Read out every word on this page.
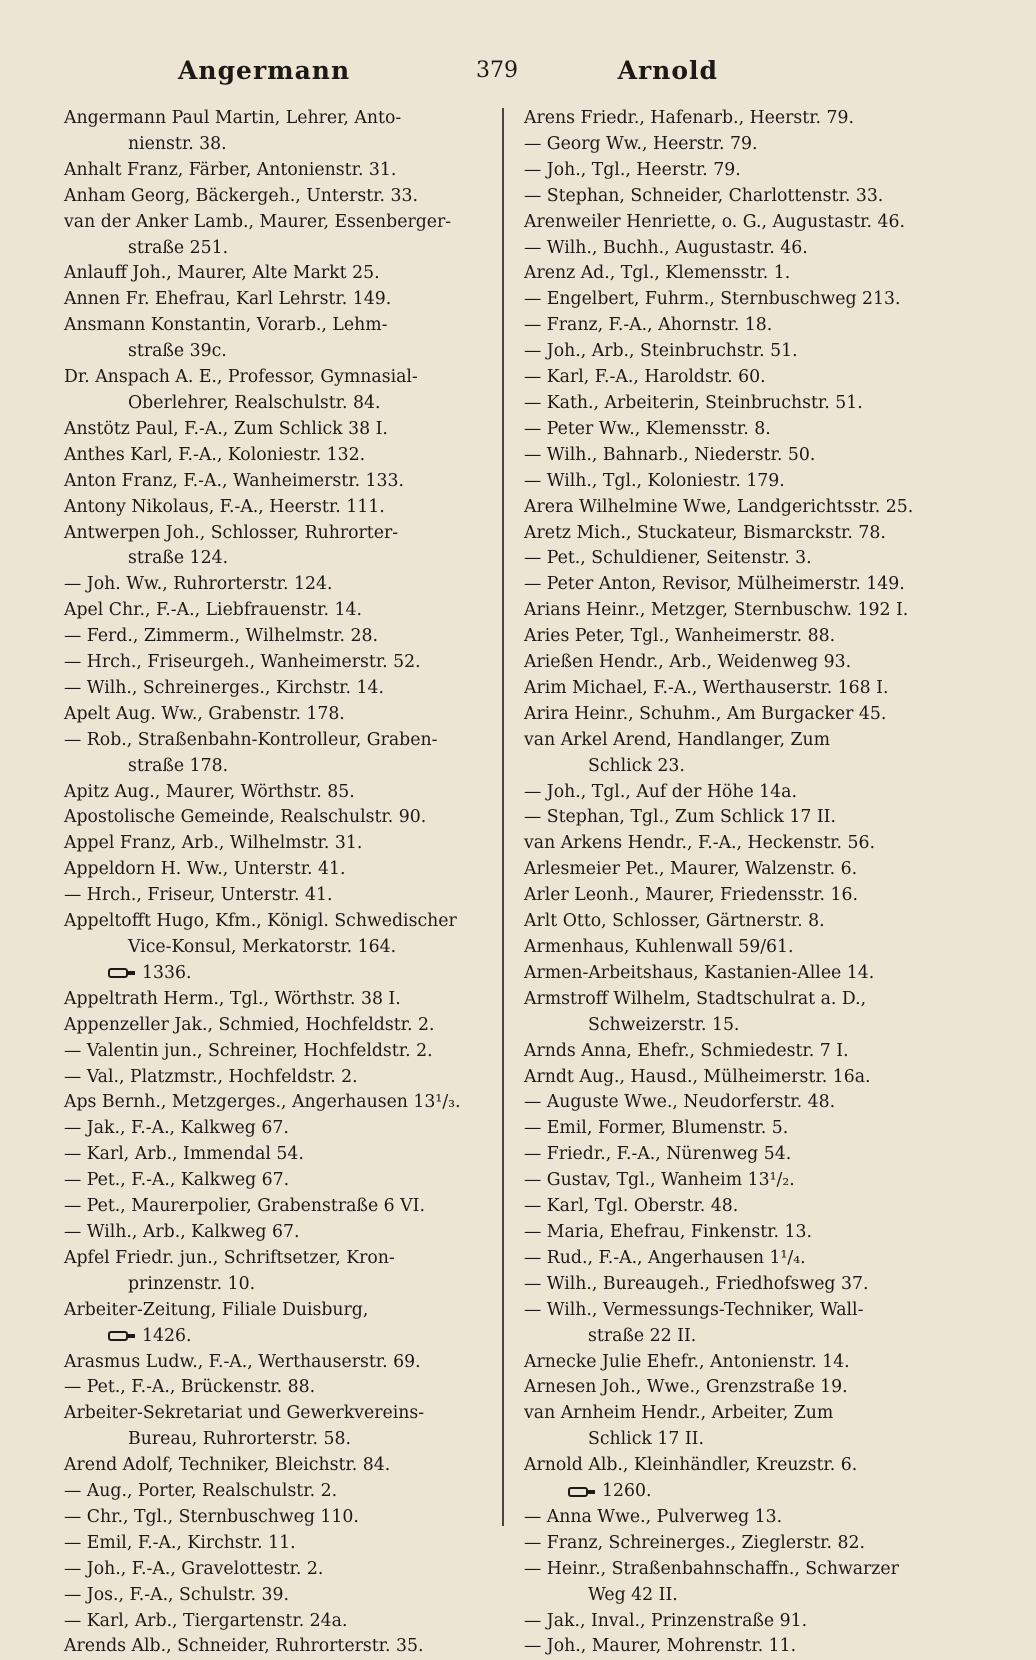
Angermann	379	Arnold
Angermann Paul Martin, Lehrer, Anto-
nienstr. 38.
Anhalt Franz, Färber, Antonienstr. 31.
Anham Georg, Bäckergeh., Unterstr. 33.
van der Anker Lamb., Maurer, Essenberger-
straße 251.
Anlauff Joh., Maurer, Alte Markt 25.
Annen Fr. Ehefrau, Karl Lehrstr. 149.
Ansmann Konstantin, Vorarb., Lehm-
straße 39c.
Dr. Anspach A. E., Professor, Gymnasial-
Oberlehrer, Realschulstr. 84.
Anstötz Paul, F.-A., Zum Schlick 38 I.
Anthes Karl, F.-A., Koloniestr. 132.
Anton Franz, F.-A., Wanheimerstr. 133.
Antony Nikolaus, F.-A., Heerstr. 111.
Antwerpen Joh., Schlosser, Ruhrorter-
straße 124.
— Joh. Ww., Ruhrorterstr. 124.
Apel Chr., F.-A., Liebfrauenstr. 14.
— Ferd., Zimmerm., Wilhelmstr. 28.
— Hrch., Friseurgeh., Wanheimerstr. 52.
— Wilh., Schreinerges., Kirchstr. 14.
Apelt Aug. Ww., Grabenstr. 178.
— Rob., Straßenbahn-Kontrolleur, Graben-
straße 178.
Apitz Aug., Maurer, Wörthstr. 85.
Apostolische Gemeinde, Realschulstr. 90.
Appel Franz, Arb., Wilhelmstr. 31.
Appeldorn H. Ww., Unterstr. 41.
— Hrch., Friseur, Unterstr. 41.
Appeltofft Hugo, Kfm., Königl. Schwedischer
Vice-Konsul, Merkatorstr. 164.
1336.
Appeltrath Herm., Tgl., Wörthstr. 38 I.
Appenzeller Jak., Schmied, Hochfeldstr. 2.
— Valentin jun., Schreiner, Hochfeldstr. 2.
— Val., Platzmstr., Hochfeldstr. 2.
Aps Bernh., Metzgerges., Angerhausen 13¹/₃.
— Jak., F.-A., Kalkweg 67.
— Karl, Arb., Immendal 54.
— Pet., F.-A., Kalkweg 67.
— Pet., Maurerpolier, Grabenstraße 6 VI.
— Wilh., Arb., Kalkweg 67.
Apfel Friedr. jun., Schriftsetzer, Kron-
prinzenstr. 10.
Arbeiter-Zeitung, Filiale Duisburg,
1426.
Arasmus Ludw., F.-A., Werthauserstr. 69.
— Pet., F.-A., Brückenstr. 88.
Arbeiter-Sekretariat und Gewerkvereins-
Bureau, Ruhrorterstr. 58.
Arend Adolf, Techniker, Bleichstr. 84.
— Aug., Porter, Realschulstr. 2.
— Chr., Tgl., Sternbuschweg 110.
— Emil, F.-A., Kirchstr. 11.
— Joh., F.-A., Gravelottestr. 2.
— Jos., F.-A., Schulstr. 39.
— Karl, Arb., Tiergartenstr. 24a.
Arends Alb., Schneider, Ruhrorterstr. 35.
Arens Friedr., Hafenarb., Heerstr. 79.
— Georg Ww., Heerstr. 79.
— Joh., Tgl., Heerstr. 79.
— Stephan, Schneider, Charlottenstr. 33.
Arenweiler Henriette, o. G., Augustastr. 46.
— Wilh., Buchh., Augustastr. 46.
Arenz Ad., Tgl., Klemensstr. 1.
— Engelbert, Fuhrm., Sternbuschweg 213.
— Franz, F.-A., Ahornstr. 18.
— Joh., Arb., Steinbruchstr. 51.
— Karl, F.-A., Haroldstr. 60.
— Kath., Arbeiterin, Steinbruchstr. 51.
— Peter Ww., Klemensstr. 8.
— Wilh., Bahnarb., Niederstr. 50.
— Wilh., Tgl., Koloniestr. 179.
Arera Wilhelmine Wwe, Landgerichtsstr. 25.
Aretz Mich., Stuckateur, Bismarckstr. 78.
— Pet., Schuldiener, Seitenstr. 3.
— Peter Anton, Revisor, Mülheimerstr. 149.
Arians Heinr., Metzger, Sternbuschw. 192 I.
Aries Peter, Tgl., Wanheimerstr. 88.
Arießen Hendr., Arb., Weidenweg 93.
Arim Michael, F.-A., Werthauserstr. 168 I.
Arira Heinr., Schuhm., Am Burgacker 45.
van Arkel Arend, Handlanger, Zum
Schlick 23.
— Joh., Tgl., Auf der Höhe 14a.
— Stephan, Tgl., Zum Schlick 17 II.
van Arkens Hendr., F.-A., Heckenstr. 56.
Arlesmeier Pet., Maurer, Walzenstr. 6.
Arler Leonh., Maurer, Friedensstr. 16.
Arlt Otto, Schlosser, Gärtnerstr. 8.
Armenhaus, Kuhlenwall 59/61.
Armen-Arbeitshaus, Kastanien-Allee 14.
Armstroff Wilhelm, Stadtschulrat a. D.,
Schweizerstr. 15.
Arnds Anna, Ehefr., Schmiedestr. 7 I.
Arndt Aug., Hausd., Mülheimerstr. 16a.
— Auguste Wwe., Neudorferstr. 48.
— Emil, Former, Blumenstr. 5.
— Friedr., F.-A., Nürenweg 54.
— Gustav, Tgl., Wanheim 13¹/₂.
— Karl, Tgl. Oberstr. 48.
— Maria, Ehefrau, Finkenstr. 13.
— Rud., F.-A., Angerhausen 1¹/₄.
— Wilh., Bureaugeh., Friedhofsweg 37.
— Wilh., Vermessungs-Techniker, Wall-
straße 22 II.
Arnecke Julie Ehefr., Antonienstr. 14.
Arnesen Joh., Wwe., Grenzstraße 19.
van Arnheim Hendr., Arbeiter, Zum
Schlick 17 II.
Arnold Alb., Kleinhändler, Kreuzstr. 6.
1260.
— Anna Wwe., Pulverweg 13.
— Franz, Schreinerges., Zieglerstr. 82.
— Heinr., Straßenbahnschaffn., Schwarzer
Weg 42 II.
— Jak., Inval., Prinzenstraße 91.
— Joh., Maurer, Mohrenstr. 11.
